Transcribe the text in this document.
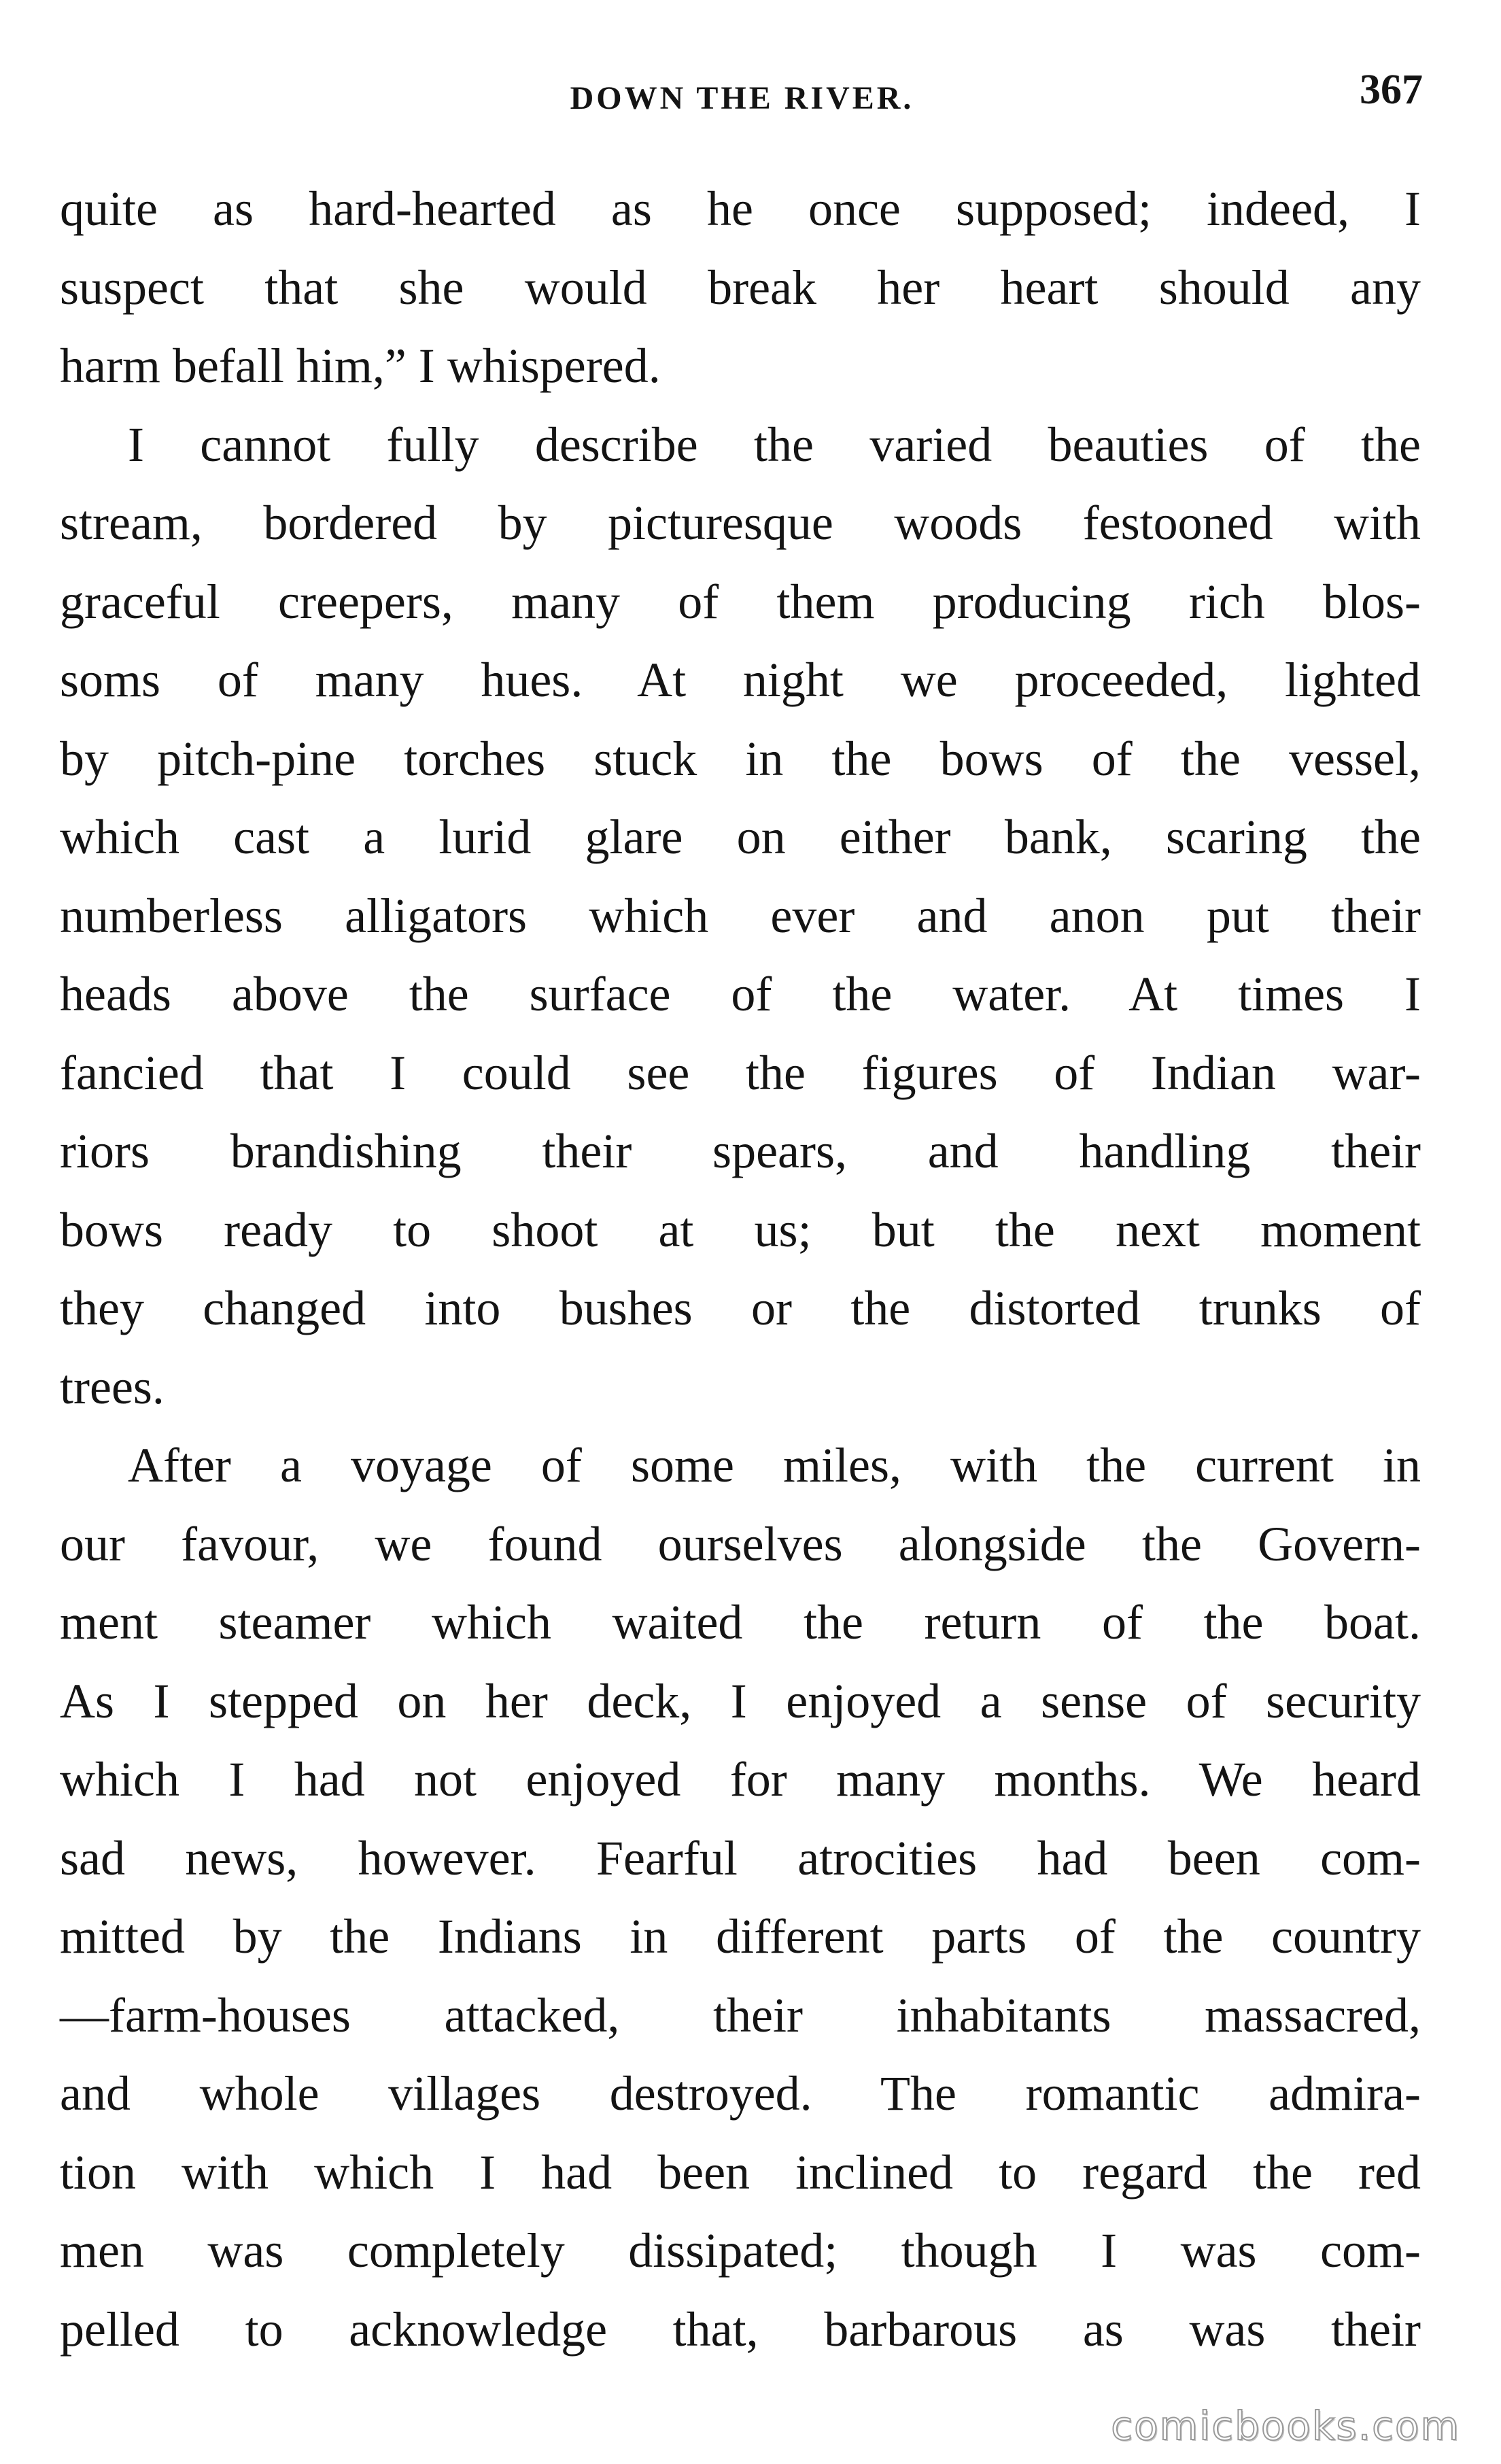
DOWN THE RIVER.	367
quite as hard-hearted as he once supposed; indeed, I
suspect that she would break her heart should any
harm befall him,” I whispered.
I cannot fully describe the varied beauties of the
stream, bordered by picturesque woods festooned with
graceful creepers, many of them producing rich blos-
soms of many hues. At night we proceeded, lighted
by pitch-pine torches stuck in the bows of the vessel,
which cast a lurid glare on either bank, scaring the
numberless alligators which ever and anon put their
heads above the surface of the water. At times I
fancied that I could see the figures of Indian war-
riors brandishing their spears, and handling their
bows ready to shoot at us; but the next moment
they changed into bushes or the distorted trunks of
trees.
After a voyage of some miles, with the current in
our favour, we found ourselves alongside the Govern-
ment steamer which waited the return of the boat.
As I stepped on her deck, I enjoyed a sense of security
which I had not enjoyed for many months. We heard
sad news, however. Fearful atrocities had been com-
mitted by the Indians in different parts of the country
—farm-houses attacked, their inhabitants massacred,
and whole villages destroyed. The romantic admira-
tion with which I had been inclined to regard the red
men was completely dissipated; though I was com-
pelled to acknowledge that, barbarous as was their
comicbooks.com
